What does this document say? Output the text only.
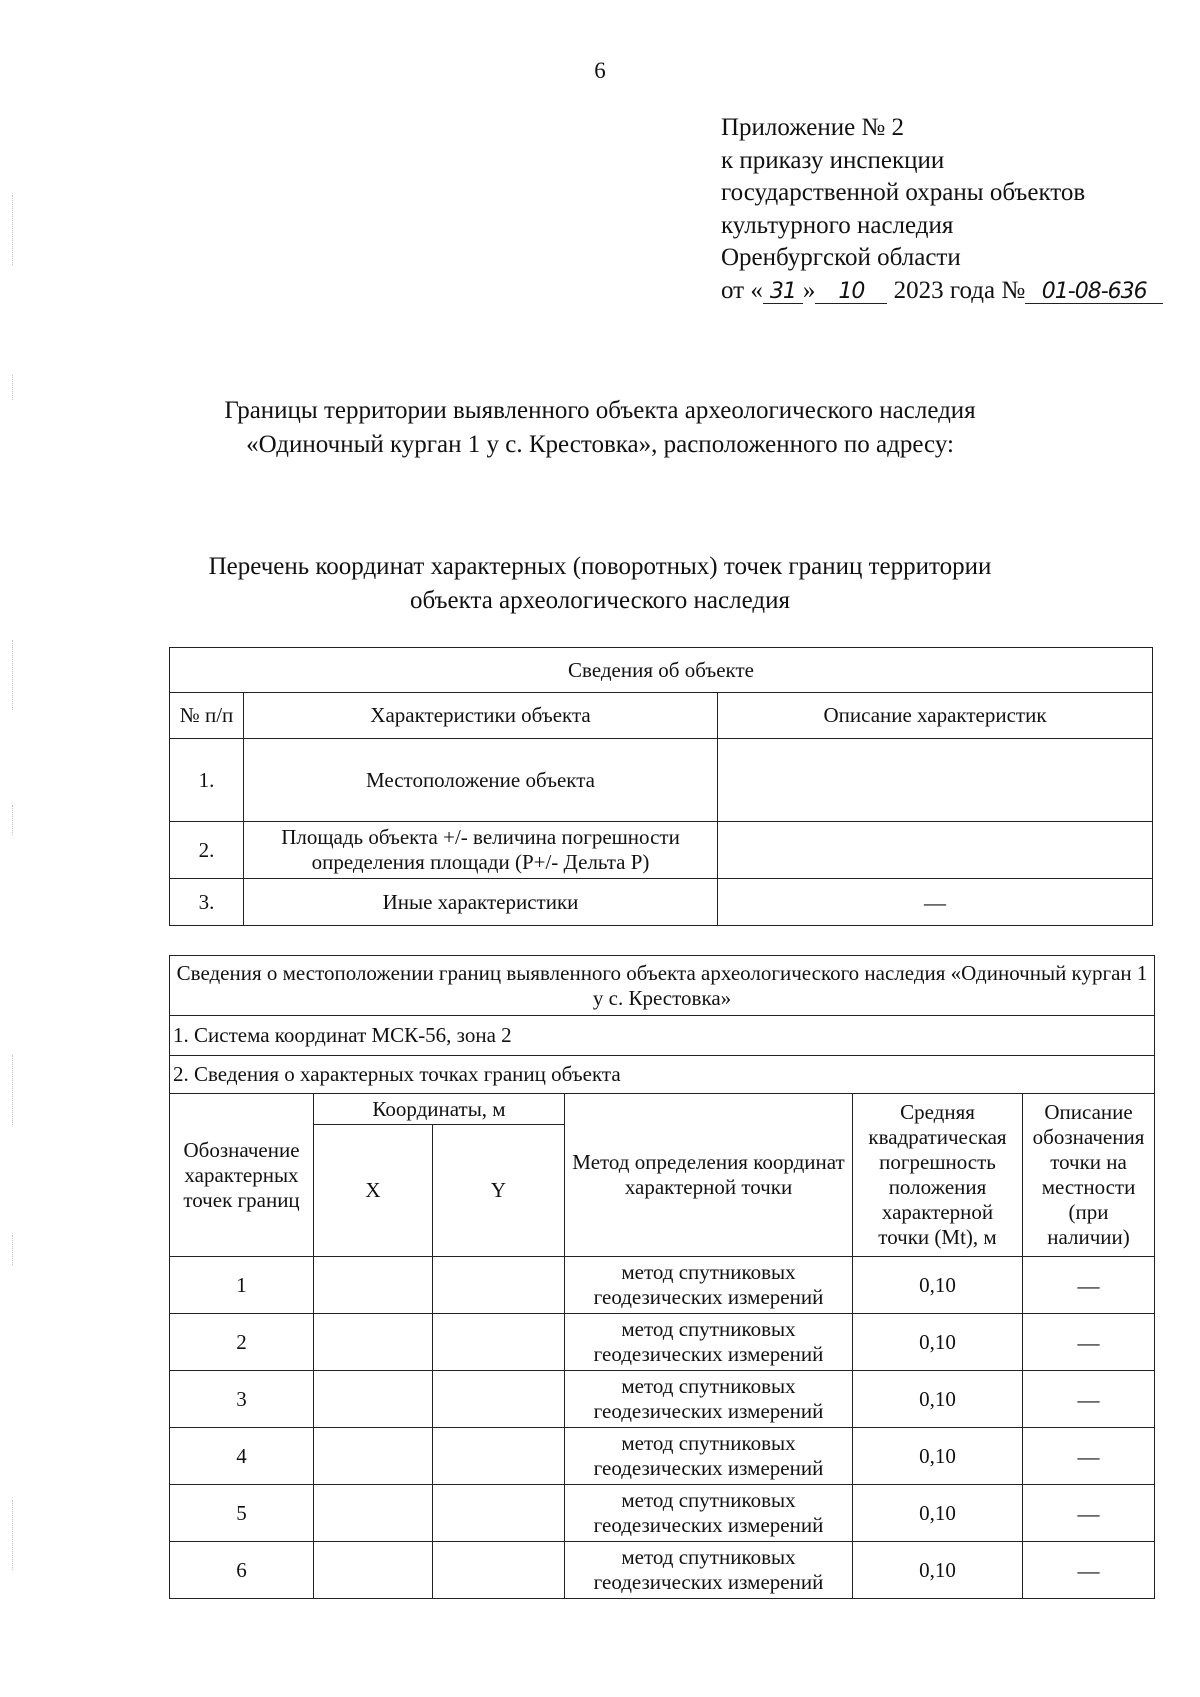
6
Приложение № 2
к приказу инспекции
государственной охраны объектов
культурного наследия
Оренбургской области
от « 31 » 10 2023 года № 01-08-636
Границы территории выявленного объекта археологического наследия
«Одиночный курган 1 у с. Крестовка», расположенного по адресу:
Перечень координат характерных (поворотных) точек границ территории
объекта археологического наследия
Сведения об объекте		
№ п/п	Характеристики объекта	Описание характеристик
1.	Местоположение объекта	
2.	Площадь объекта +/- величина погрешности определения площади (Р+/- Дельта Р)	
3.	Иные характеристики	—
Сведения о местоположении границ выявленного объекта археологического наследия «Одиночный курган 1 у с. Крестовка»					
1. Система координат МСК-56, зона 2					
2. Сведения о характерных точках границ объекта					
Обозначение характерных точек границ	Координаты, м		Метод определения координат характерной точки	Средняя квадратическая погрешность положения характерной точки (Mt), м	Описание обозначения точки на местности (при наличии)
	X	Y			
1			метод спутниковых геодезических измерений	0,10	—
2			метод спутниковых геодезических измерений	0,10	—
3			метод спутниковых геодезических измерений	0,10	—
4			метод спутниковых геодезических измерений	0,10	—
5			метод спутниковых геодезических измерений	0,10	—
6			метод спутниковых геодезических измерений	0,10	—
